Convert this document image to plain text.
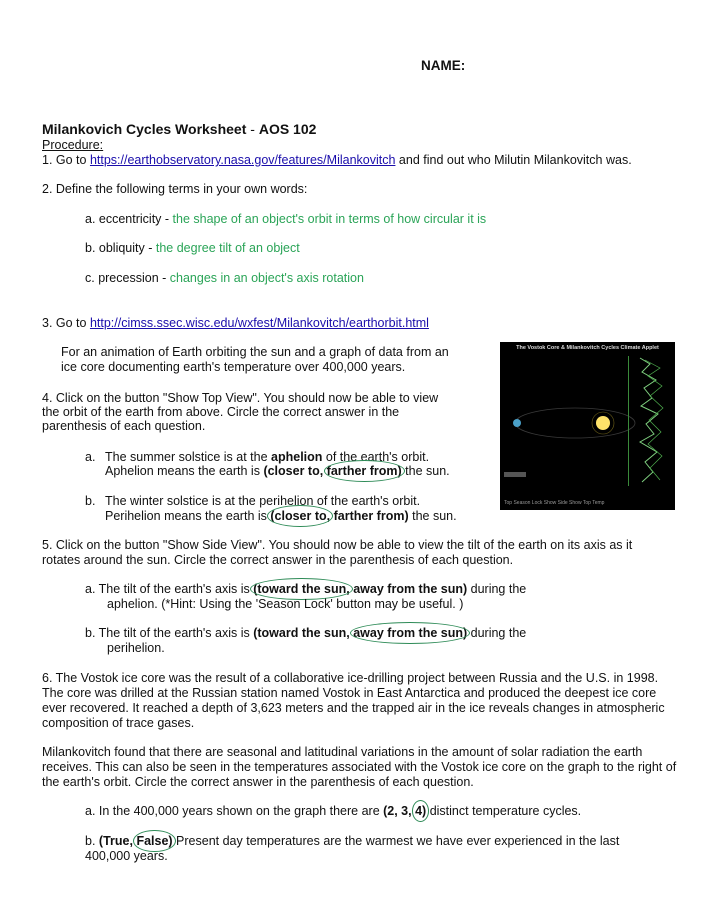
NAME:
Milankovich Cycles Worksheet - AOS 102
Procedure:
1. Go to https://earthobservatory.nasa.gov/features/Milankovitch and find out who Milutin Milankovitch was.
2. Define the following terms in your own words:
a. eccentricity - the shape of an object's orbit in terms of how circular it is
b. obliquity - the degree tilt of an object
c. precession - changes in an object's axis rotation
3. Go to http://cimss.ssec.wisc.edu/wxfest/Milankovitch/earthorbit.html
For an animation of Earth orbiting the sun and a graph of data from an
ice core documenting earth's temperature over 400,000 years.
The Vostok Core & Milankovitch Cycles Climate Applet
Top Season Lock Show Side Show Top Temp
4. Click on the button "Show Top View". You should now be able to view
the orbit of the earth from above. Circle the correct answer in the
parenthesis of each question.
a. The summer solstice is at the aphelion of the earth's orbit.
Aphelion means the earth is (closer to, farther from) the sun.
b. The winter solstice is at the perihelion of the earth's orbit.
Perihelion means the earth is (closer to, farther from) the sun.
5. Click on the button "Show Side View". You should now be able to view the tilt of the earth on its axis as it
rotates around the sun. Circle the correct answer in the parenthesis of each question.
a. The tilt of the earth's axis is (toward the sun, away from the sun) during the
aphelion. (*Hint: Using the 'Season Lock' button may be useful. )
b. The tilt of the earth's axis is (toward the sun, away from the sun) during the
perihelion.
6. The Vostok ice core was the result of a collaborative ice-drilling project between Russia and the U.S. in 1998. The core was drilled at the Russian station named Vostok in East Antarctica and produced the deepest ice core ever recovered. It reached a depth of 3,623 meters and the trapped air in the ice reveals changes in atmospheric composition of trace gases.
Milankovitch found that there are seasonal and latitudinal variations in the amount of solar radiation the earth receives. This can also be seen in the temperatures associated with the Vostok ice core on the graph to the right of the earth's orbit. Circle the correct answer in the parenthesis of each question.
a. In the 400,000 years shown on the graph there are (2, 3, 4) distinct temperature cycles.
b. (True, False) Present day temperatures are the warmest we have ever experienced in the last
400,000 years.
